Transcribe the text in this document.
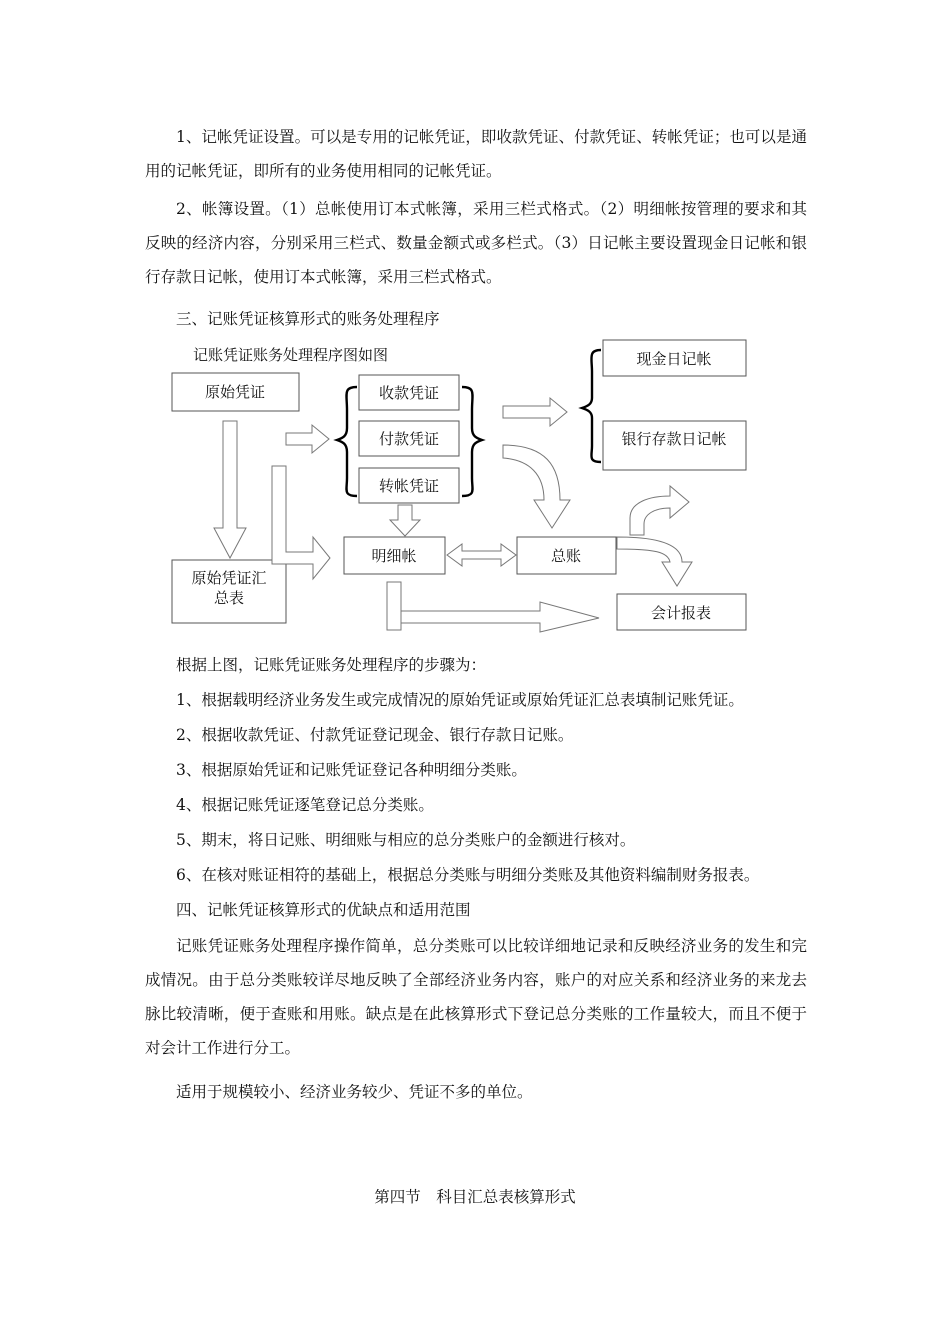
1、记帐凭证设置。可以是专用的记帐凭证，即收款凭证、付款凭证、转帐凭证；也可以是通用的记帐凭证，即所有的业务使用相同的记帐凭证。

2、帐簿设置。（1）总帐使用订本式帐簿，采用三栏式格式。（2）明细帐按管理的要求和其反映的经济内容，分别采用三栏式、数量金额式或多栏式。（3）日记帐主要设置现金日记帐和银行存款日记帐，使用订本式帐簿，采用三栏式格式。

三、记账凭证核算形式的账务处理程序

记账凭证账务处理程序图如图
原始凭证
原始凭证汇
总表
收款凭证
付款凭证
转帐凭证
现金日记帐
银行存款日记帐
明细帐	总账
会计报表

根据上图，记账凭证账务处理程序的步骤为：

1、根据载明经济业务发生或完成情况的原始凭证或原始凭证汇总表填制记账凭证。

2、根据收款凭证、付款凭证登记现金、银行存款日记账。

3、根据原始凭证和记账凭证登记各种明细分类账。

4、根据记账凭证逐笔登记总分类账。

5、期末，将日记账、明细账与相应的总分类账户的金额进行核对。

6、在核对账证相符的基础上，根据总分类账与明细分类账及其他资料编制财务报表。

四、记帐凭证核算形式的优缺点和适用范围

记账凭证账务处理程序操作简单，总分类账可以比较详细地记录和反映经济业务的发生和完成情况。由于总分类账较详尽地反映了全部经济业务内容，账户的对应关系和经济业务的来龙去脉比较清晰，便于查账和用账。缺点是在此核算形式下登记总分类账的工作量较大，而且不便于对会计工作进行分工。

适用于规模较小、经济业务较少、凭证不多的单位。

第四节　科目汇总表核算形式
